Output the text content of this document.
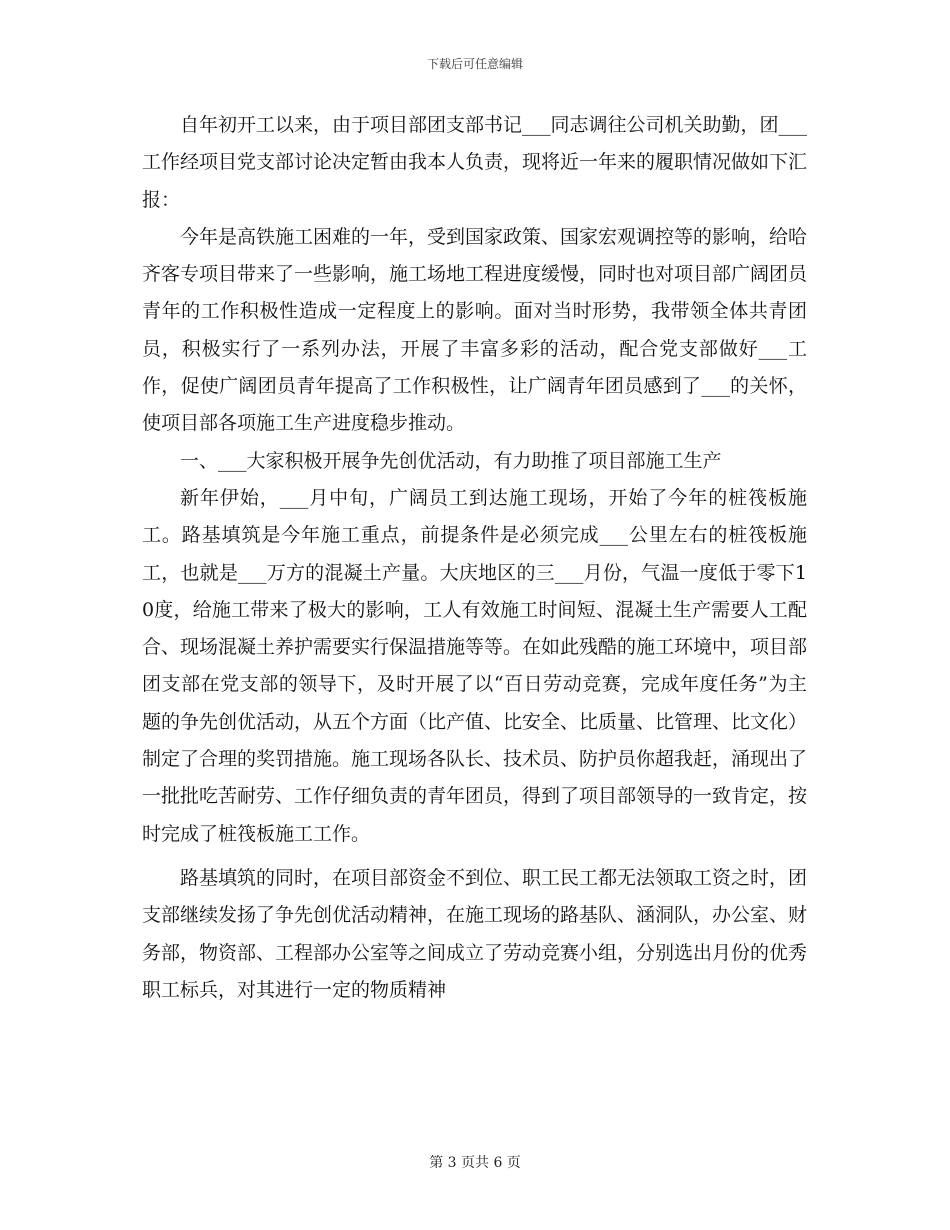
下载后可任意编辑

自年初开工以来，由于项目部团支部书记___同志调往公司机关助勤，团___工作经项目党支部讨论决定暂由我本人负责，现将近一年来的履职情况做如下汇报：

今年是高铁施工困难的一年，受到国家政策、国家宏观调控等的影响，给哈齐客专项目带来了一些影响，施工场地工程进度缓慢，同时也对项目部广阔团员青年的工作积极性造成一定程度上的影响。面对当时形势，我带领全体共青团员，积极实行了一系列办法，开展了丰富多彩的活动，配合党支部做好___工作，促使广阔团员青年提高了工作积极性，让广阔青年团员感到了___的关怀，使项目部各项施工生产进度稳步推动。

一、___大家积极开展争先创优活动，有力助推了项目部施工生产

新年伊始，___月中旬，广阔员工到达施工现场，开始了今年的桩筏板施工。路基填筑是今年施工重点，前提条件是必须完成___公里左右的桩筏板施工，也就是___万方的混凝土产量。大庆地区的三___月份，气温一度低于零下10度，给施工带来了极大的影响，工人有效施工时间短、混凝土生产需要人工配合、现场混凝土养护需要实行保温措施等等。在如此残酷的施工环境中，项目部团支部在党支部的领导下，及时开展了以“百日劳动竞赛，完成年度任务”为主题的争先创优活动，从五个方面（比产值、比安全、比质量、比管理、比文化）制定了合理的奖罚措施。施工现场各队长、技术员、防护员你超我赶，涌现出了一批批吃苦耐劳、工作仔细负责的青年团员，得到了项目部领导的一致肯定，按时完成了桩筏板施工工作。

路基填筑的同时，在项目部资金不到位、职工民工都无法领取工资之时，团支部继续发扬了争先创优活动精神，在施工现场的路基队、涵洞队，办公室、财务部，物资部、工程部办公室等之间成立了劳动竞赛小组，分别选出月份的优秀职工标兵，对其进行一定的物质精神

第 3 页共 6 页
